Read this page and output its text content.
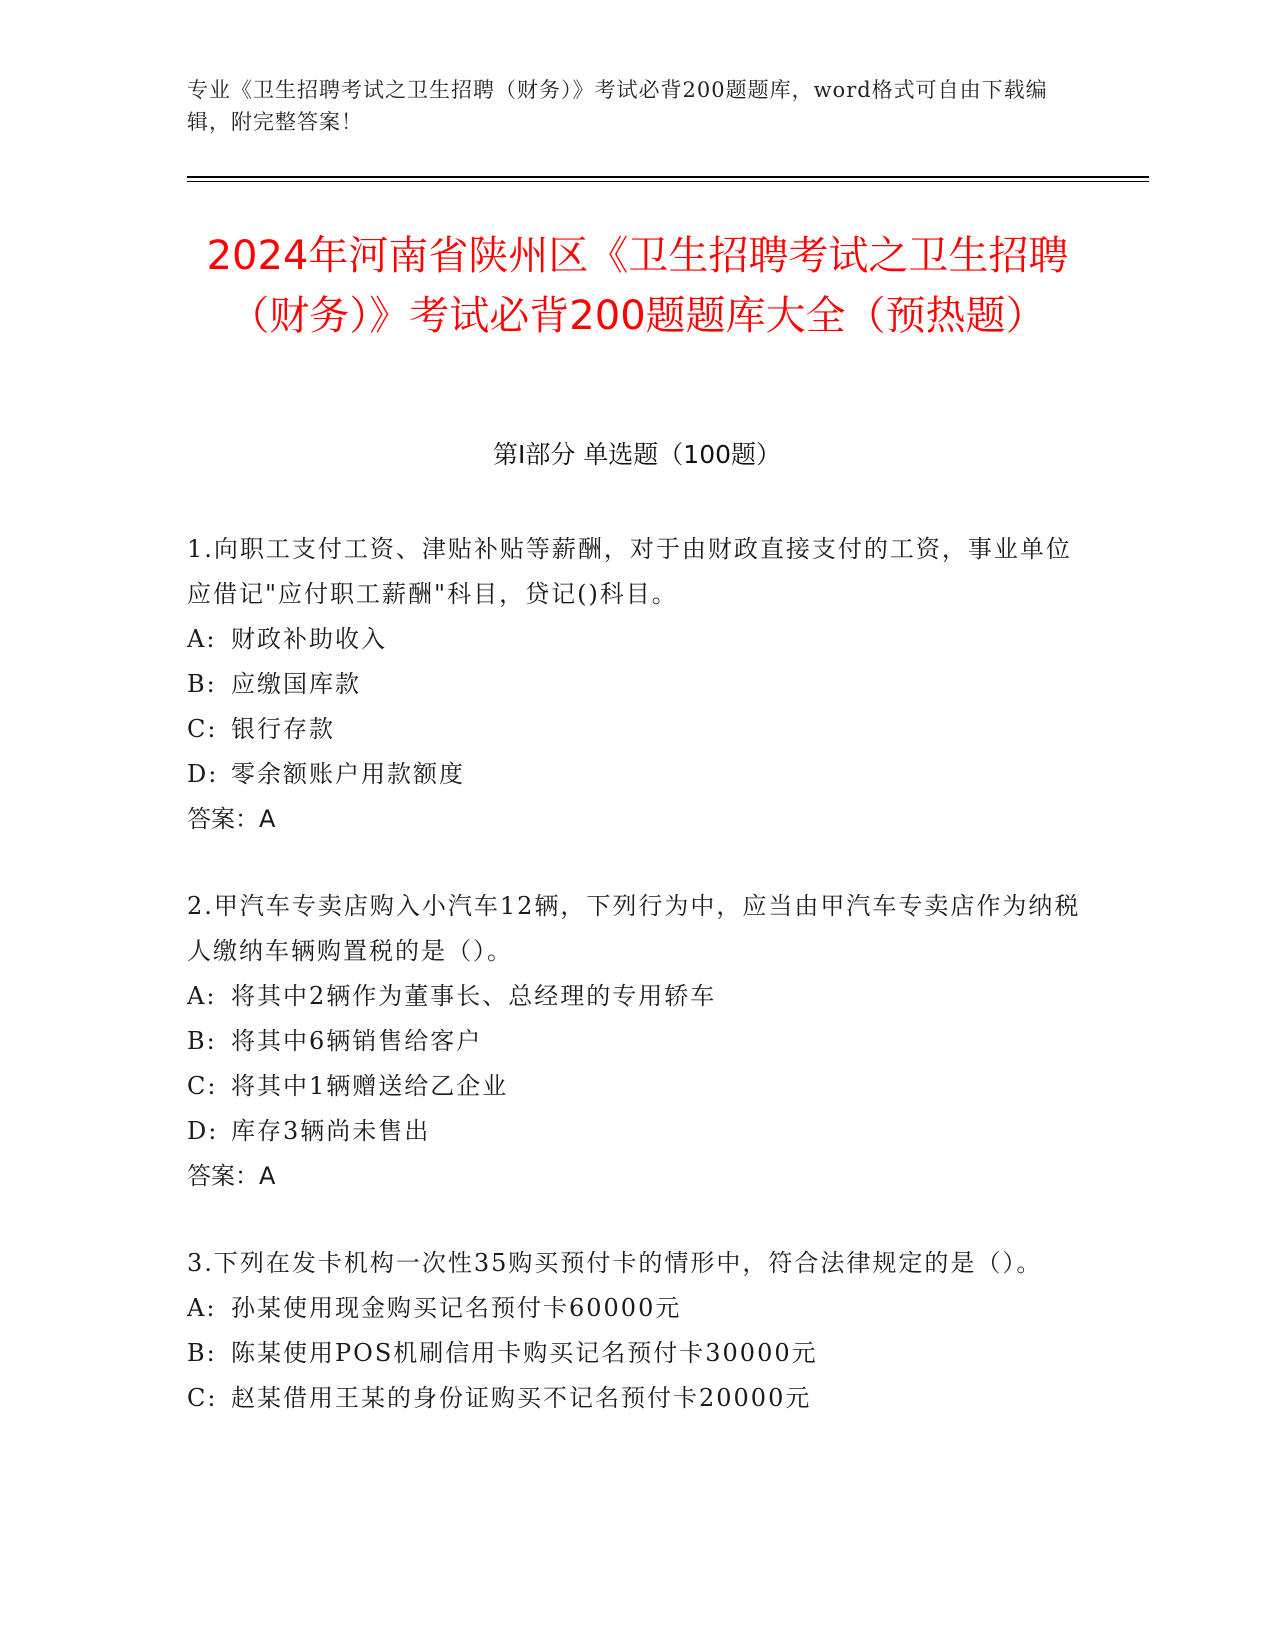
专业《卫生招聘考试之卫生招聘（财务）》考试必背200题题库，word格式可自由下载编辑，附完整答案！
2024年河南省陕州区《卫生招聘考试之卫生招聘（财务）》考试必背200题题库大全（预热题）
第Ⅰ部分 单选题（100题）

1.向职工支付工资、津贴补贴等薪酬，对于由财政直接支付的工资，事业单位应借记"应付职工薪酬"科目，贷记()科目。

A: 财政补助收入

B: 应缴国库款

C: 银行存款

D: 零余额账户用款额度

答案：A

2.甲汽车专卖店购入小汽车12辆，下列行为中，应当由甲汽车专卖店作为纳税人缴纳车辆购置税的是（）。

A: 将其中2辆作为董事长、总经理的专用轿车

B: 将其中6辆销售给客户

C: 将其中1辆赠送给乙企业

D: 库存3辆尚未售出

答案：A

3.下列在发卡机构一次性35购买预付卡的情形中，符合法律规定的是（）。

A: 孙某使用现金购买记名预付卡60000元

B: 陈某使用POS机刷信用卡购买记名预付卡30000元

C: 赵某借用王某的身份证购买不记名预付卡20000元
